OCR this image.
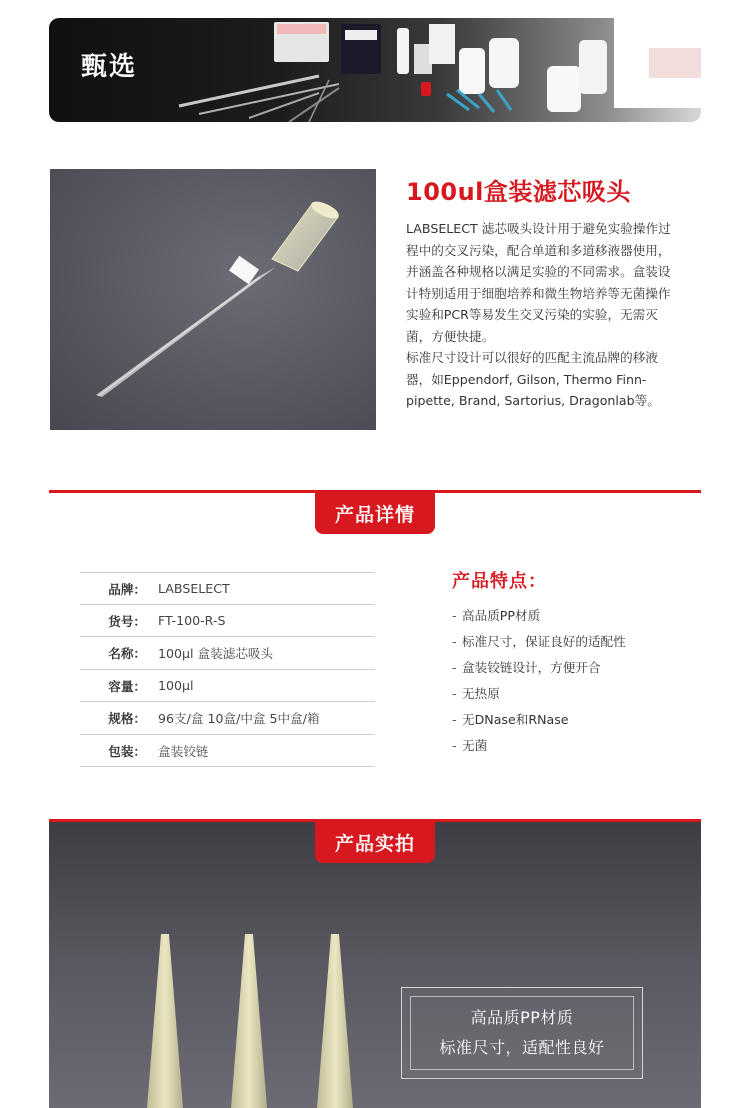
甄选
100ul盒装滤芯吸头

LABSELECT 滤芯吸头设计用于避免实验操作过程中的交叉污染，配合单道和多道移液器使用，并涵盖各种规格以满足实验的不同需求。盒装设计特别适用于细胞培养和微生物培养等无菌操作实验和PCR等易发生交叉污染的实验，无需灭菌，方便快捷。

标准尺寸设计可以很好的匹配主流品牌的移液器，如Eppendorf, Gilson, Thermo Finn-pipette, Brand, Sartorius, Dragonlab等。

产品详情
品牌： LABSELECT
货号： FT-100-R-S
名称： 100μl 盒装滤芯吸头
容量： 100μl
规格： 96支/盒 10盒/中盒 5中盒/箱
包装： 盒装铰链
产品特点：
- 高品质PP材质
- 标准尺寸，保证良好的适配性
- 盒装铰链设计，方便开合
- 无热原
- 无DNase和RNase
- 无菌
产品实拍
高品质PP材质
标准尺寸，适配性良好
